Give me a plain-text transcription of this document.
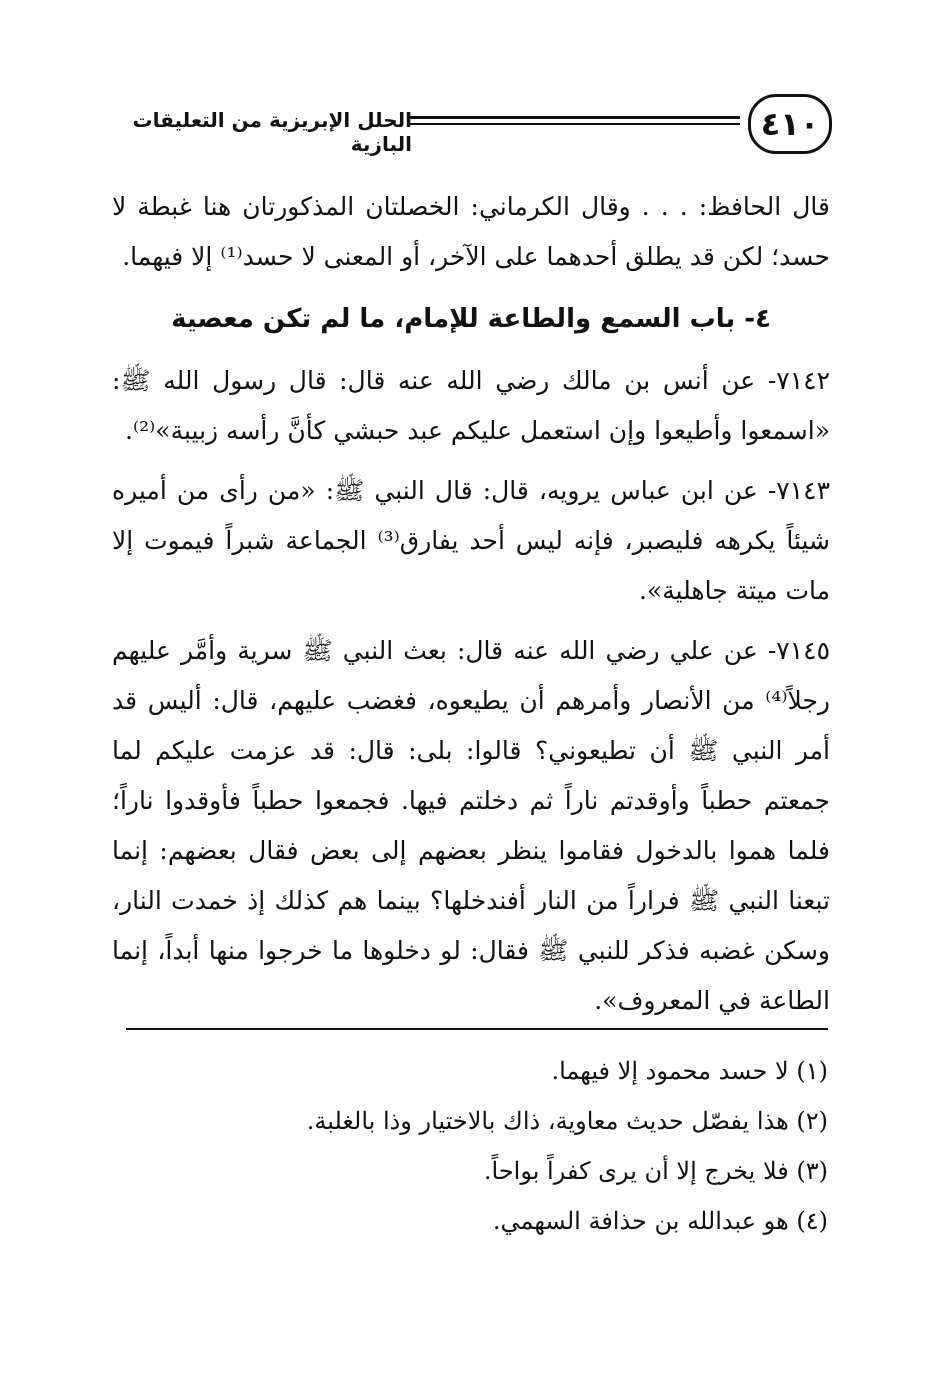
٤١٠
الحلل الإبريزية من التعليقات البازية

قال الحافظ: . . . وقال الكرماني: الخصلتان المذكورتان هنا غبطة لا حسد؛ لكن قد يطلق أحدهما على الآخر، أو المعنى لا حسد⁽¹⁾ إلا فيهما.

٤- باب السمع والطاعة للإمام، ما لم تكن معصية

٧١٤٢- عن أنس بن مالك رضي الله عنه قال: قال رسول الله ﷺ: «اسمعوا وأطيعوا وإن استعمل عليكم عبد حبشي كأنَّ رأسه زبيبة»⁽²⁾.

٧١٤٣- عن ابن عباس يرويه، قال: قال النبي ﷺ: «من رأى من أميره شيئاً يكرهه فليصبر، فإنه ليس أحد يفارق⁽³⁾ الجماعة شبراً فيموت إلا مات ميتة جاهلية».

٧١٤٥- عن علي رضي الله عنه قال: بعث النبي ﷺ سرية وأمَّر عليهم رجلاً⁽⁴⁾ من الأنصار وأمرهم أن يطيعوه، فغضب عليهم، قال: أليس قد أمر النبي ﷺ أن تطيعوني؟ قالوا: بلى: قال: قد عزمت عليكم لما جمعتم حطباً وأوقدتم ناراً ثم دخلتم فيها. فجمعوا حطباً فأوقدوا ناراً؛ فلما هموا بالدخول فقاموا ينظر بعضهم إلى بعض فقال بعضهم: إنما تبعنا النبي ﷺ فراراً من النار أفندخلها؟ بينما هم كذلك إذ خمدت النار، وسكن غضبه فذكر للنبي ﷺ فقال: لو دخلوها ما خرجوا منها أبداً، إنما الطاعة في المعروف».

(١) لا حسد محمود إلا فيهما.

(٢) هذا يفصّل حديث معاوية، ذاك بالاختيار وذا بالغلبة.

(٣) فلا يخرج إلا أن يرى كفراً بواحاً.

(٤) هو عبدالله بن حذافة السهمي.
